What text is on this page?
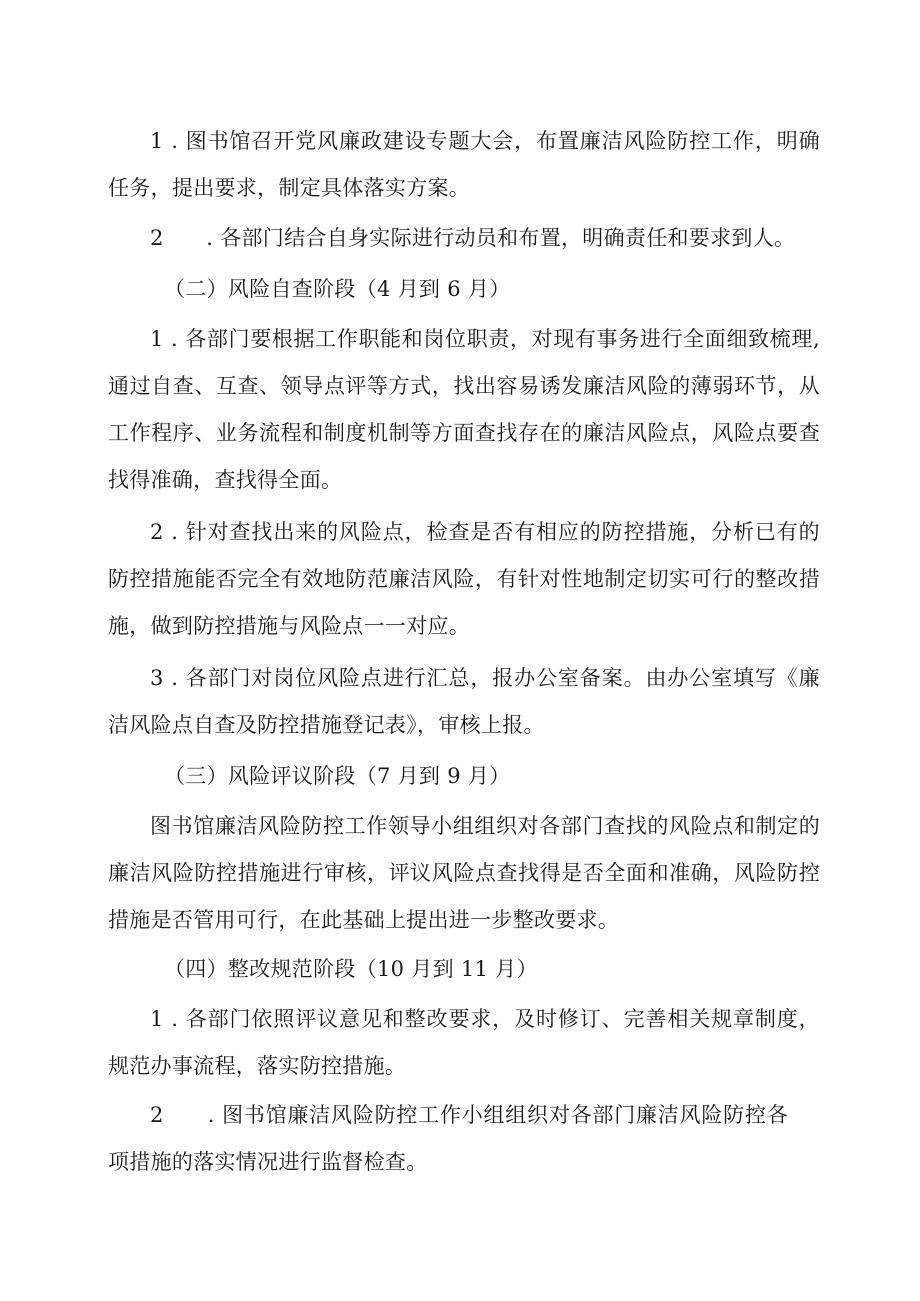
1 . 图书馆召开党风廉政建设专题大会，布置廉洁风险防控工作，明确任务，提出要求，制定具体落实方案。

2　　. 各部门结合自身实际进行动员和布置，明确责任和要求到人。

（二）风险自查阶段（4 月到 6 月）

1 . 各部门要根据工作职能和岗位职责，对现有事务进行全面细致梳理, 通过自查、互查、领导点评等方式，找出容易诱发廉洁风险的薄弱环节，从工作程序、业务流程和制度机制等方面查找存在的廉洁风险点，风险点要查找得准确，查找得全面。

2 . 针对查找出来的风险点，检查是否有相应的防控措施，分析已有的防控措施能否完全有效地防范廉洁风险，有针对性地制定切实可行的整改措施，做到防控措施与风险点一一对应。

3 . 各部门对岗位风险点进行汇总，报办公室备案。由办公室填写《廉洁风险点自查及防控措施登记表》，审核上报。

（三）风险评议阶段（7 月到 9 月）

图书馆廉洁风险防控工作领导小组组织对各部门查找的风险点和制定的廉洁风险防控措施进行审核，评议风险点查找得是否全面和准确，风险防控措施是否管用可行，在此基础上提出进一步整改要求。

（四）整改规范阶段（10 月到 11 月）

1 . 各部门依照评议意见和整改要求，及时修订、完善相关规章制度，规范办事流程，落实防控措施。

2　　. 图书馆廉洁风险防控工作小组组织对各部门廉洁风险防控各项措施的落实情况进行监督检查。
